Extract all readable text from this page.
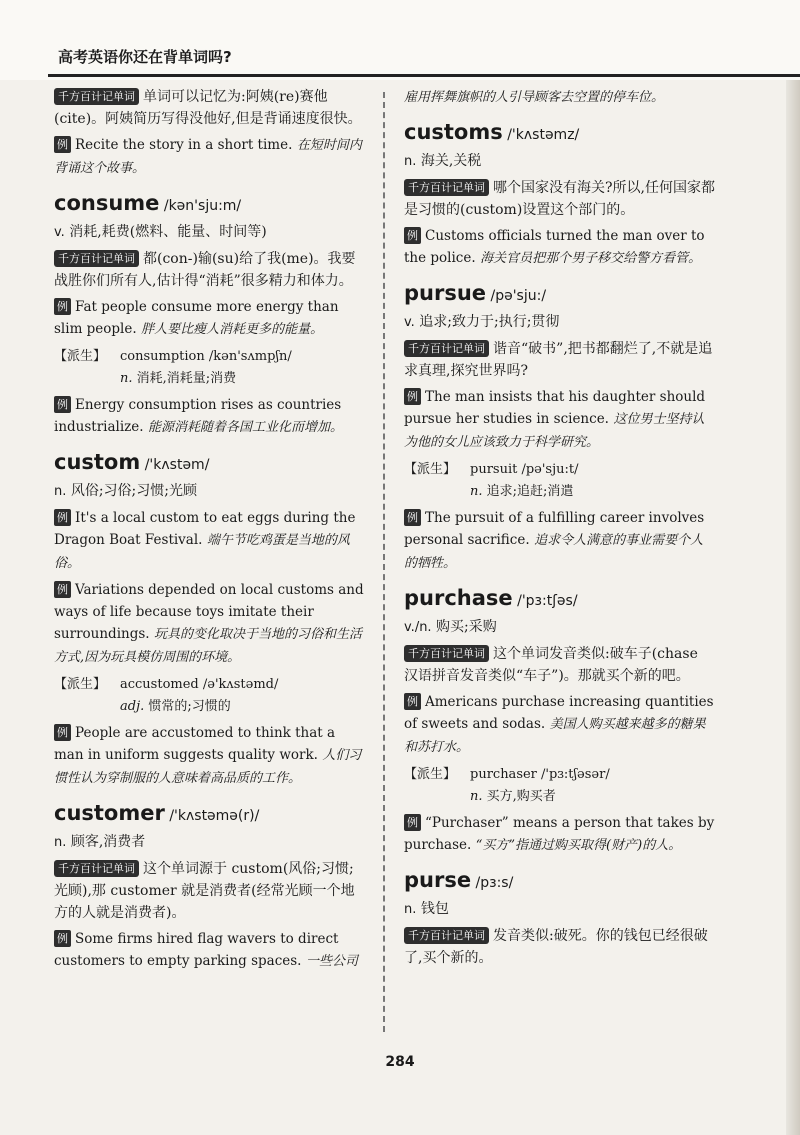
高考英语你还在背单词吗?

千方百计记单词 单词可以记忆为:阿姨(re)赛他(cite)。阿姨简历写得没他好,但是背诵速度很快。

例 Recite the story in a short time. 在短时间内背诵这个故事。

consume /kən'sju:m/

v. 消耗,耗费(燃料、能量、时间等)

千方百计记单词 都(con-)输(su)给了我(me)。我要战胜你们所有人,估计得“消耗”很多精力和体力。

例 Fat people consume more energy than slim people. 胖人要比瘦人消耗更多的能量。

【派生】 consumption /kən'sʌmpʃn/
n. 消耗,消耗量;消费

例 Energy consumption rises as countries industrialize. 能源消耗随着各国工业化而增加。

custom /'kʌstəm/

n. 风俗;习俗;习惯;光顾

例 It's a local custom to eat eggs during the Dragon Boat Festival. 端午节吃鸡蛋是当地的风俗。

例 Variations depended on local customs and ways of life because toys imitate their surroundings. 玩具的变化取决于当地的习俗和生活方式,因为玩具模仿周围的环境。

【派生】 accustomed /ə'kʌstəmd/
adj. 惯常的;习惯的

例 People are accustomed to think that a man in uniform suggests quality work. 人们习惯性认为穿制服的人意味着高品质的工作。

customer /'kʌstəmə(r)/

n. 顾客,消费者

千方百计记单词 这个单词源于 custom(风俗;习惯;光顾),那 customer 就是消费者(经常光顾一个地方的人就是消费者)。

例 Some firms hired flag wavers to direct customers to empty parking spaces. 一些公司

雇用挥舞旗帜的人引导顾客去空置的停车位。

customs /'kʌstəmz/

n. 海关,关税

千方百计记单词 哪个国家没有海关?所以,任何国家都是习惯的(custom)设置这个部门的。

例 Customs officials turned the man over to the police. 海关官员把那个男子移交给警方看管。

pursue /pə'sju:/

v. 追求;致力于;执行;贯彻

千方百计记单词 谐音“破书”,把书都翻烂了,不就是追求真理,探究世界吗?

例 The man insists that his daughter should pursue her studies in science. 这位男士坚持认为他的女儿应该致力于科学研究。

【派生】 pursuit /pə'sju:t/
n. 追求;追赶;消遣

例 The pursuit of a fulfilling career involves personal sacrifice. 追求令人满意的事业需要个人的牺牲。

purchase /'pɜ:tʃəs/

v./n. 购买;采购

千方百计记单词 这个单词发音类似:破车子(chase 汉语拼音发音类似“车子”)。那就买个新的吧。

例 Americans purchase increasing quantities of sweets and sodas. 美国人购买越来越多的糖果和苏打水。

【派生】 purchaser /'pɜ:tʃəsər/
n. 买方,购买者

例 “Purchaser” means a person that takes by purchase. “买方”指通过购买取得(财产)的人。

purse /pɜ:s/

n. 钱包

千方百计记单词 发音类似:破死。你的钱包已经很破了,买个新的。

284
